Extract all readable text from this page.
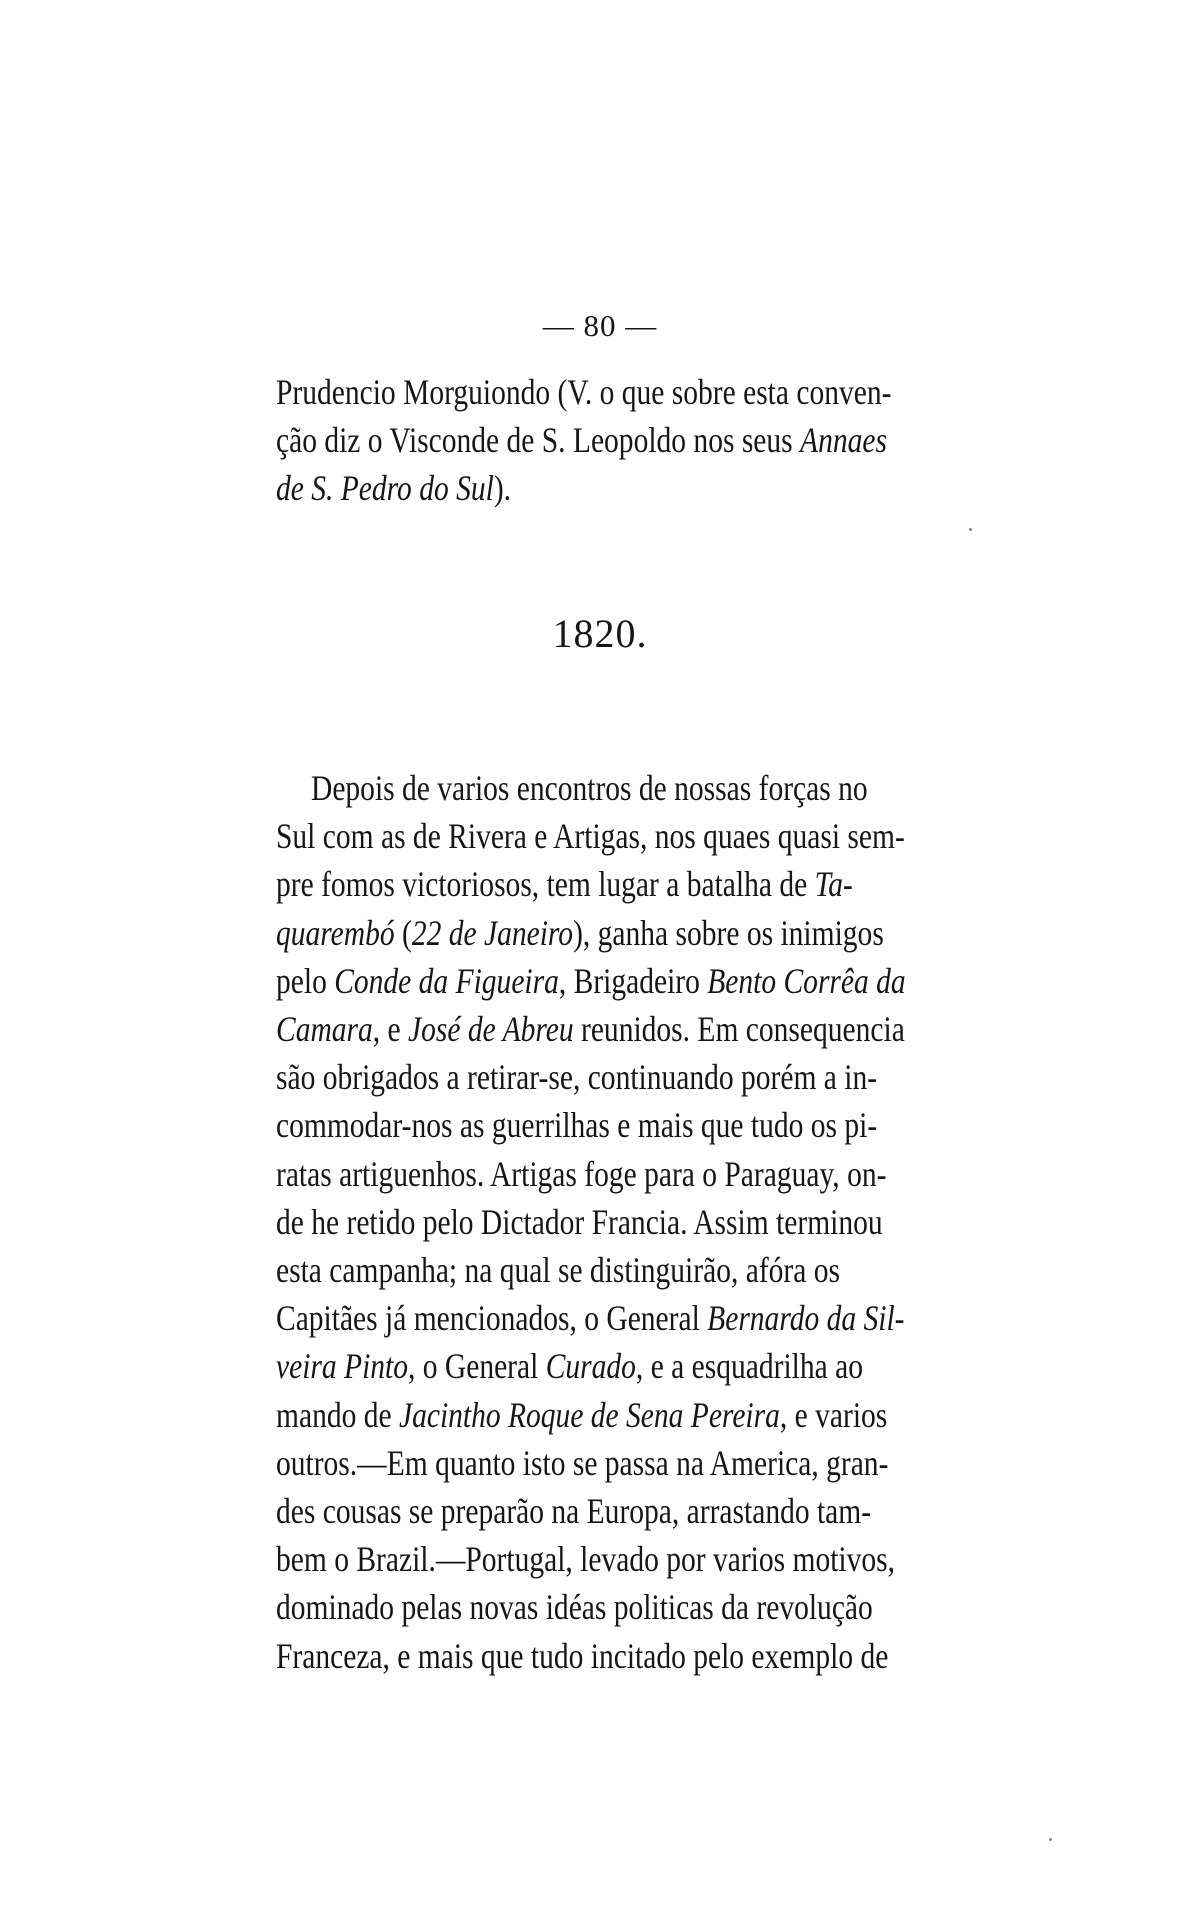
— 80 —
Prudencio Morguiondo (V. o que sobre esta conven-
ção diz o Visconde de S. Leopoldo nos seus Annaes
de S. Pedro do Sul).
1820.
Depois de varios encontros de nossas forças no
Sul com as de Rivera e Artigas, nos quaes quasi sem-
pre fomos victoriosos, tem lugar a batalha de Ta-
quarembó (22 de Janeiro), ganha sobre os inimigos
pelo Conde da Figueira, Brigadeiro Bento Corrêa da
Camara, e José de Abreu reunidos. Em consequencia
são obrigados a retirar-se, continuando porém a in-
commodar-nos as guerrilhas e mais que tudo os pi-
ratas artiguenhos. Artigas foge para o Paraguay, on-
de he retido pelo Dictador Francia. Assim terminou
esta campanha; na qual se distinguirão, afóra os
Capitães já mencionados, o General Bernardo da Sil-
veira Pinto, o General Curado, e a esquadrilha ao
mando de Jacintho Roque de Sena Pereira, e varios
outros.—Em quanto isto se passa na America, gran-
des cousas se preparão na Europa, arrastando tam-
bem o Brazil.—Portugal, levado por varios motivos,
dominado pelas novas idéas politicas da revolução
Franceza, e mais que tudo incitado pelo exemplo de
